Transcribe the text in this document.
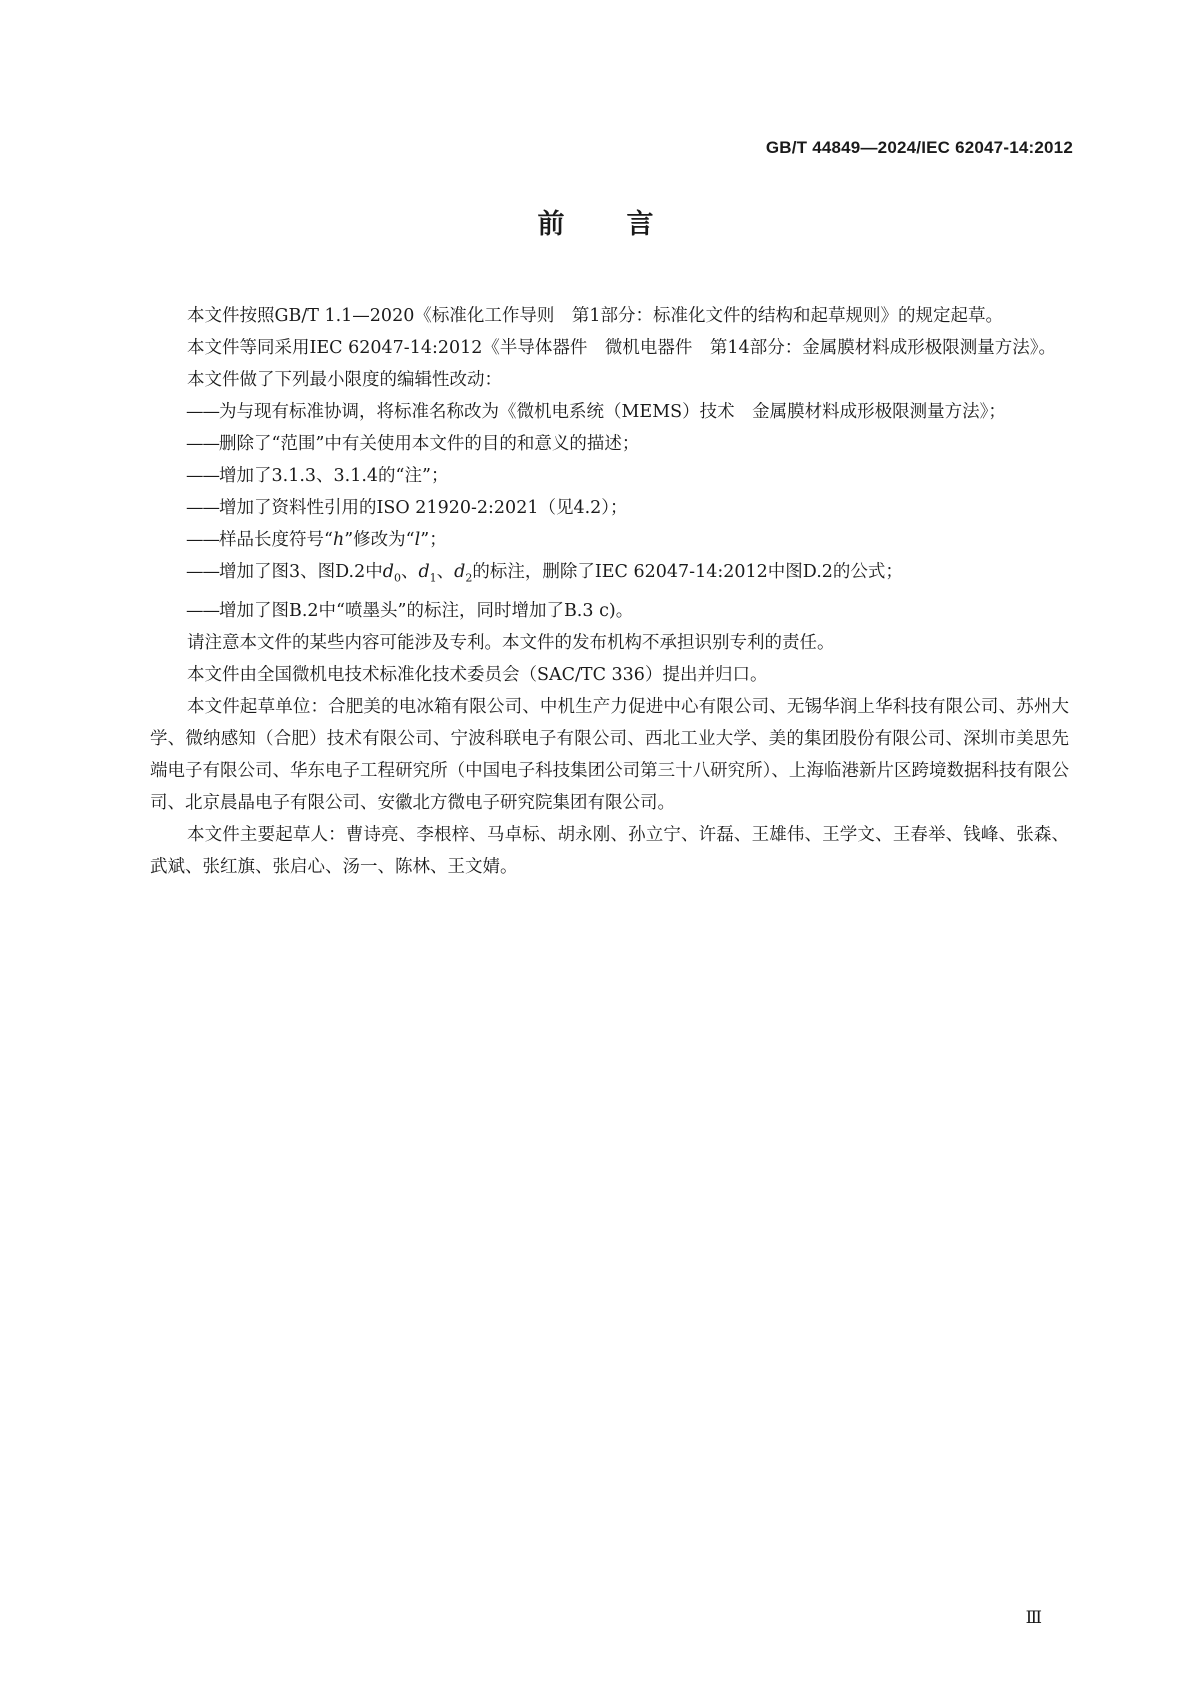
GB/T 44849—2024/IEC 62047-14:2012
前 言

本文件按照GB/T 1.1—2020《标准化工作导则　第1部分：标准化文件的结构和起草规则》的规定起草。

本文件等同采用IEC 62047-14:2012《半导体器件　微机电器件　第14部分：金属膜材料成形极限测量方法》。

本文件做了下列最小限度的编辑性改动：

——为与现有标准协调，将标准名称改为《微机电系统（MEMS）技术　金属膜材料成形极限测量方法》；

——删除了“范围”中有关使用本文件的目的和意义的描述；

——增加了3.1.3、3.1.4的“注”；

——增加了资料性引用的ISO 21920-2:2021（见4.2）；

——样品长度符号“h”修改为“l”；

——增加了图3、图D.2中$d_0$、$d_1$、$d_2$的标注，删除了IEC 62047-14:2012中图D.2的公式；

——增加了图B.2中“喷墨头”的标注，同时增加了B.3 c)。

请注意本文件的某些内容可能涉及专利。本文件的发布机构不承担识别专利的责任。

本文件由全国微机电技术标准化技术委员会（SAC/TC 336）提出并归口。

本文件起草单位：合肥美的电冰箱有限公司、中机生产力促进中心有限公司、无锡华润上华科技有限公司、苏州大学、微纳感知（合肥）技术有限公司、宁波科联电子有限公司、西北工业大学、美的集团股份有限公司、深圳市美思先端电子有限公司、华东电子工程研究所（中国电子科技集团公司第三十八研究所）、上海临港新片区跨境数据科技有限公司、北京晨晶电子有限公司、安徽北方微电子研究院集团有限公司。

本文件主要起草人：曹诗亮、李根梓、马卓标、胡永刚、孙立宁、许磊、王雄伟、王学文、王春举、钱峰、张森、武斌、张红旗、张启心、汤一、陈林、王文婧。

Ⅲ
